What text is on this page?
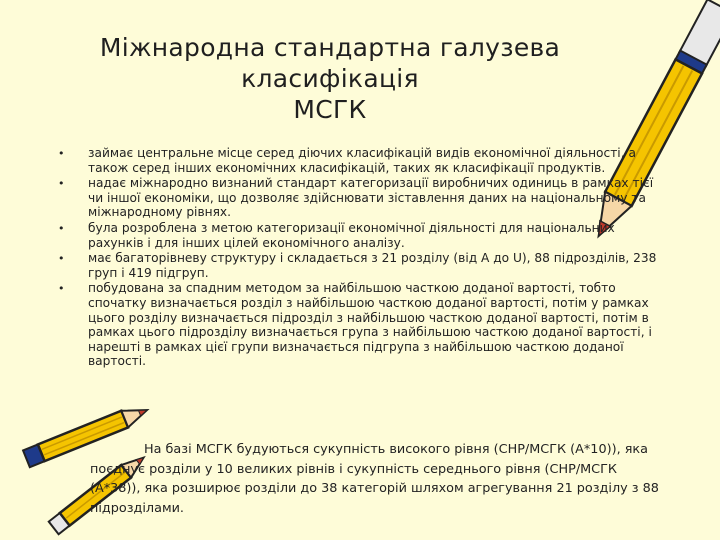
Міжнародна стандартна галузева
класифікація
МСГК
• займає центральне місце серед діючих класифікацій видів економічної діяльності, а також серед інших економічних класифікацій, таких як класифікації продуктів.
• надає міжнародно визнаний стандарт категоризації виробничих одиниць в рамках тієї чи іншої економіки, що дозволяє здійснювати зіставлення даних на національному та міжнародному рівнях.
• була розроблена з метою категоризації економічної діяльності для національних рахунків і для інших цілей економічного аналізу.
• має багаторівневу структуру і складається з 21 розділу (від А до U), 88 підрозділів, 238 груп і 419 підгруп.
• побудована за спадним методом за найбільшою часткою доданої вартості, тобто спочатку визначається розділ з найбільшою часткою доданої вартості, потім у рамках цього розділу визначається підрозділ з найбільшою часткою доданої вартості, потім в рамках цього підрозділу визначається група з найбільшою часткою доданої вартості, і нарешті в рамках цієї групи визначається підгрупа з найбільшою часткою доданої вартості.
На базі МСГК будуються сукупність високого рівня (СНР/МСГК (А*10)), яка поєднує розділи у 10 великих рівнів і сукупність середнього рівня (СНР/МСГК (А*38)), яка розширює розділи до 38 категорій шляхом агрегування 21 розділу з 88 підрозділами.
